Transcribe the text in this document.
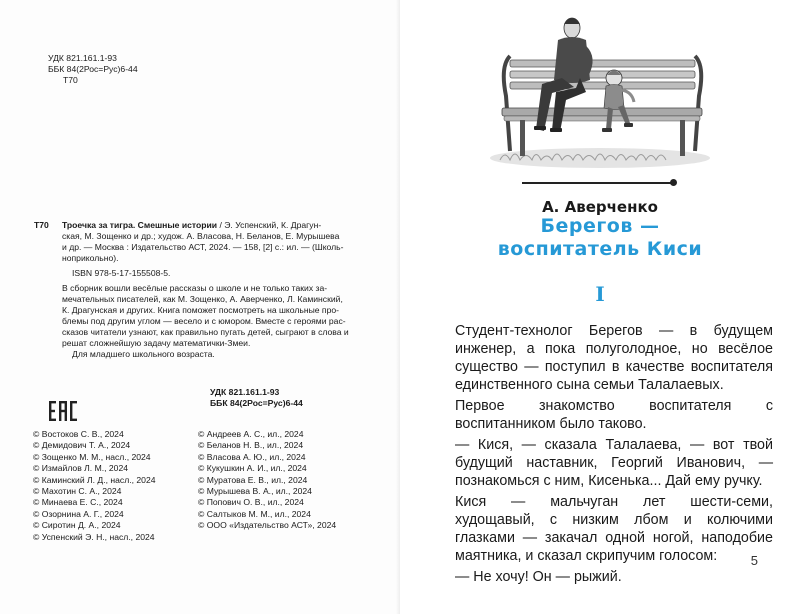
УДК 821.161.1-93
ББК 84(2Рос=Рус)6-44
Т70
Т70 Троечка за тигра. Смешные истории / Э. Успенский, К. Драгун-
ская, М. Зощенко и др.; худож. А. Власова, Н. Беланов, Е. Мурышева
и др. — Москва : Издательство АСТ, 2024. — 158, [2] с.: ил. — (Школь-
ноприкольно).

ISBN 978-5-17-155508-5.

В сборник вошли весёлые рассказы о школе и не только таких за-
мечательных писателей, как М. Зощенко, А. Аверченко, Л. Каминский,
К. Драгунская и других. Книга поможет посмотреть на школьные про-
блемы под другим углом — весело и с юмором. Вместе с героями рас-
сказов читатели узнают, как правильно пугать детей, сыграют в слова и
решат сложнейшую задачу математички-Змеи.

Для младшего школьного возраста.

УДК 821.161.1-93
ББК 84(2Рос=Рус)6-44
© Востоков С. В., 2024
© Демидович Т. А., 2024
© Зощенко М. М., насл., 2024
© Измайлов Л. М., 2024
© Каминский Л. Д., насл., 2024
© Махотин С. А., 2024
© Минаева Е. С., 2024
© Озорнина А. Г., 2024
© Сиротин Д. А., 2024
© Успенский Э. Н., насл., 2024
© Андреев А. С., ил., 2024
© Беланов Н. В., ил., 2024
© Власова А. Ю., ил., 2024
© Кукушкин А. И., ил., 2024
© Муратова Е. В., ил., 2024
© Мурышева В. А., ил., 2024
© Попович О. В., ил., 2024
© Салтыков М. М., ил., 2024
© ООО «Издательство АСТ», 2024
А. Аверченко
Берегов —
воспитатель Киси
I

Студент-технолог Берегов — в будущем инженер, а пока полуголодное, но весёлое существо — поступил в качестве воспитателя единственного сына семьи Талалаевых.

Первое знакомство воспитателя с воспитанником было таково.

— Кися, — сказала Талалаева, — вот твой будущий наставник, Георгий Иванович, — познакомься с ним, Кисенька... Дай ему ручку.

Кися — мальчуган лет шести-семи, худощавый, с низким лбом и колючими глазками — закачал одной ногой, наподобие маятника, и сказал скрипучим голосом:

— Не хочу! Он — рыжий.

5
